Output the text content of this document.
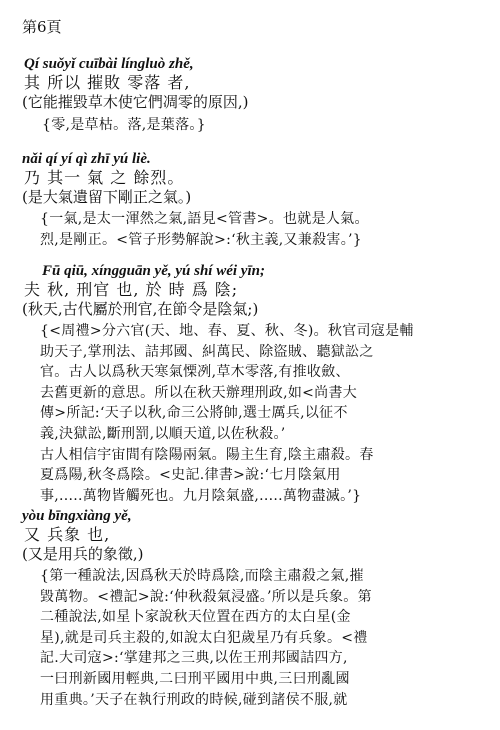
第6頁
Qí suǒyǐ cuībài língluò zhě,
其 所以 摧敗 零落 者,
(它能摧毀草木使它們凋零的原因,)
{零,是草枯。落,是葉落。}
nǎi qí yí qì zhī yú liè.
乃 其一 氣 之 餘烈。
(是大氣遺留下剛正之氣。)
{一氣,是太一渾然之氣,語見<管書>。也就是人氣。
烈,是剛正。<管子形勢解說>:‘秋主義,又兼殺害。’}
Fū qiū, xíngguān yě, yú shí wéi yīn;
夫 秋, 刑官 也, 於 時 爲 陰;
(秋天,古代屬於刑官,在節令是陰氣;)
{<周禮>分六官(天、地、春、夏、秋、冬)。秋官司寇是輔
助天子,掌刑法、詰邦國、糾萬民、除盜賊、聽獄訟之
官。古人以爲秋天寒氣慄冽,草木零落,有推收斂、
去舊更新的意思。所以在秋天辦理刑政,如<尚書大
傳>所記:‘天子以秋,命三公將帥,選士厲兵,以征不
義,決獄訟,斷刑罰,以順天道,以佐秋殺。’
古人相信宇宙間有陰陽兩氣。陽主生育,陰主肅殺。春
夏爲陽,秋冬爲陰。<史記.律書>說:‘七月陰氣用
事,.....萬物皆觸死也。九月陰氣盛,.....萬物盡滅。’}
yòu bīngxiàng yě,
又 兵象 也,
(又是用兵的象徵,)
{第一種說法,因爲秋天於時爲陰,而陰主肅殺之氣,摧
毀萬物。<禮記>說:‘仲秋殺氣浸盛。’所以是兵象。第
二種說法,如星卜家說秋天位置在西方的太白星(金
星),就是司兵主殺的,如說太白犯歲星乃有兵象。<禮
記.大司寇>:‘掌建邦之三典,以佐王刑邦國詰四方,
一曰刑新國用輕典,二曰刑平國用中典,三曰刑亂國
用重典。’天子在執行刑政的時候,碰到諸侯不服,就
